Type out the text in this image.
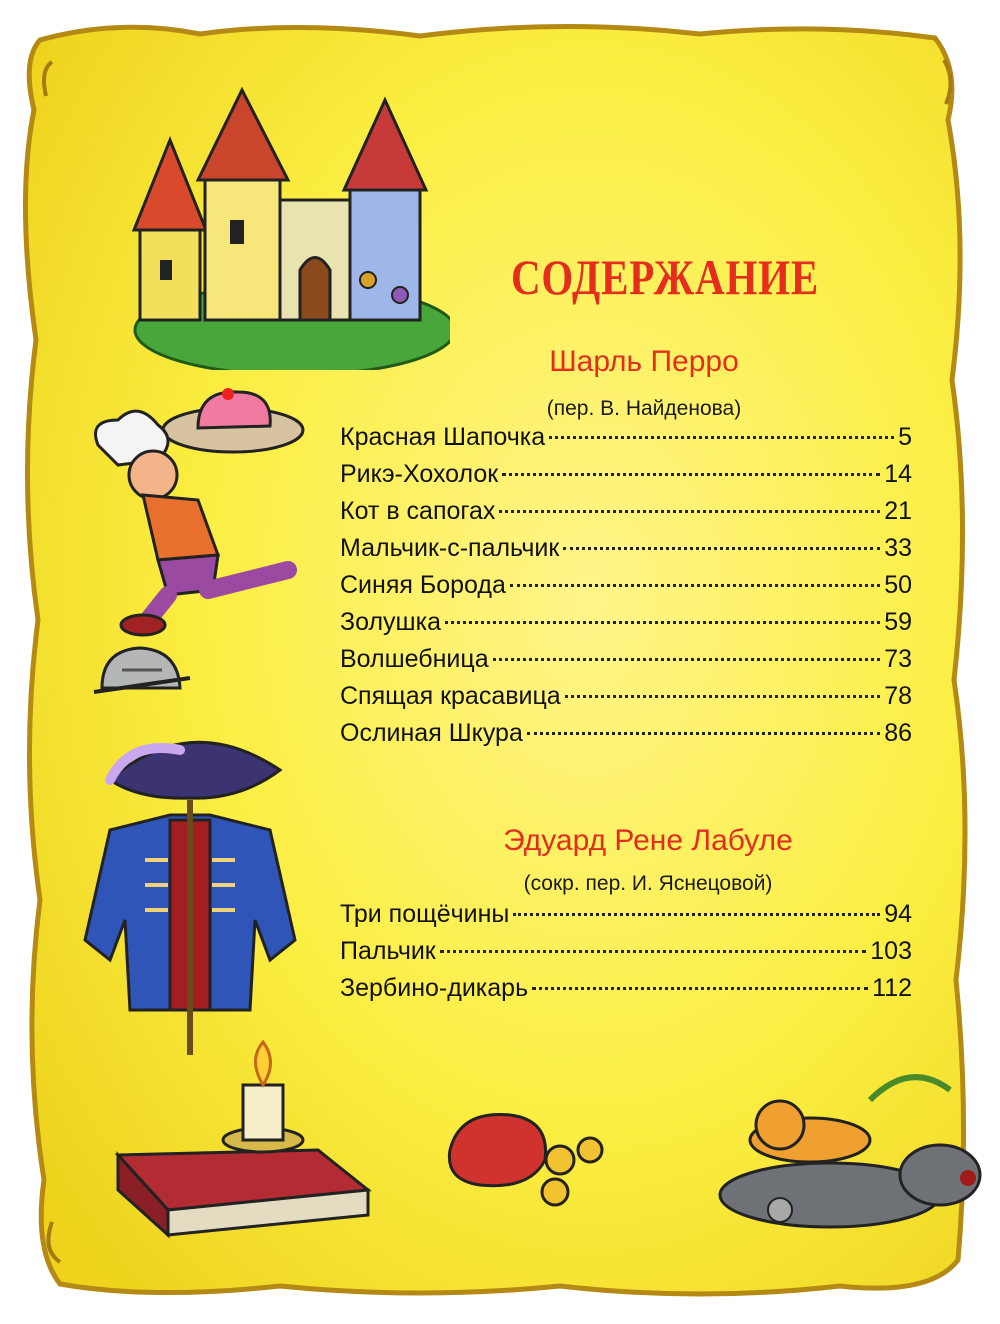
СОДЕРЖАНИЕ
Шарль Перро
(пер. В. Найденова)
Красная Шапочка	5
Рикэ-Хохолок	14
Кот в сапогах	21
Мальчик-с-пальчик	33
Синяя Борода	50
Золушка	59
Волшебница	73
Спящая красавица	78
Ослиная Шкура	86
Эдуард Рене Лабуле
(сокр. пер. И. Яснецовой)
Три пощёчины	94
Пальчик	103
Зербино-дикарь	112
